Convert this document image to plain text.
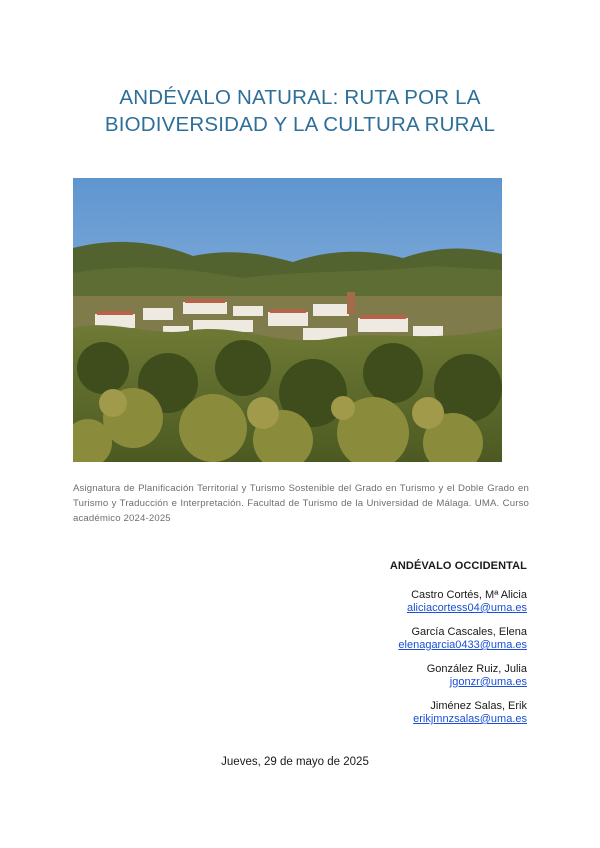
ANDÉVALO NATURAL: RUTA POR LA
BIODIVERSIDAD Y LA CULTURA RURAL
Asignatura de Planificación Territorial y Turismo Sostenible del Grado en Turismo y el Doble Grado en Turismo y Traducción e Interpretación. Facultad de Turismo de la Universidad de Málaga. UMA. Curso académico 2024-2025
ANDÉVALO OCCIDENTAL
Castro Cortés, Mª Alicia
aliciacortess04@uma.es
García Cascales, Elena
elenagarcia0433@uma.es
González Ruiz, Julia
jgonzr@uma.es
Jiménez Salas, Erik
erikjmnzsalas@uma.es
Jueves, 29 de mayo de 2025
